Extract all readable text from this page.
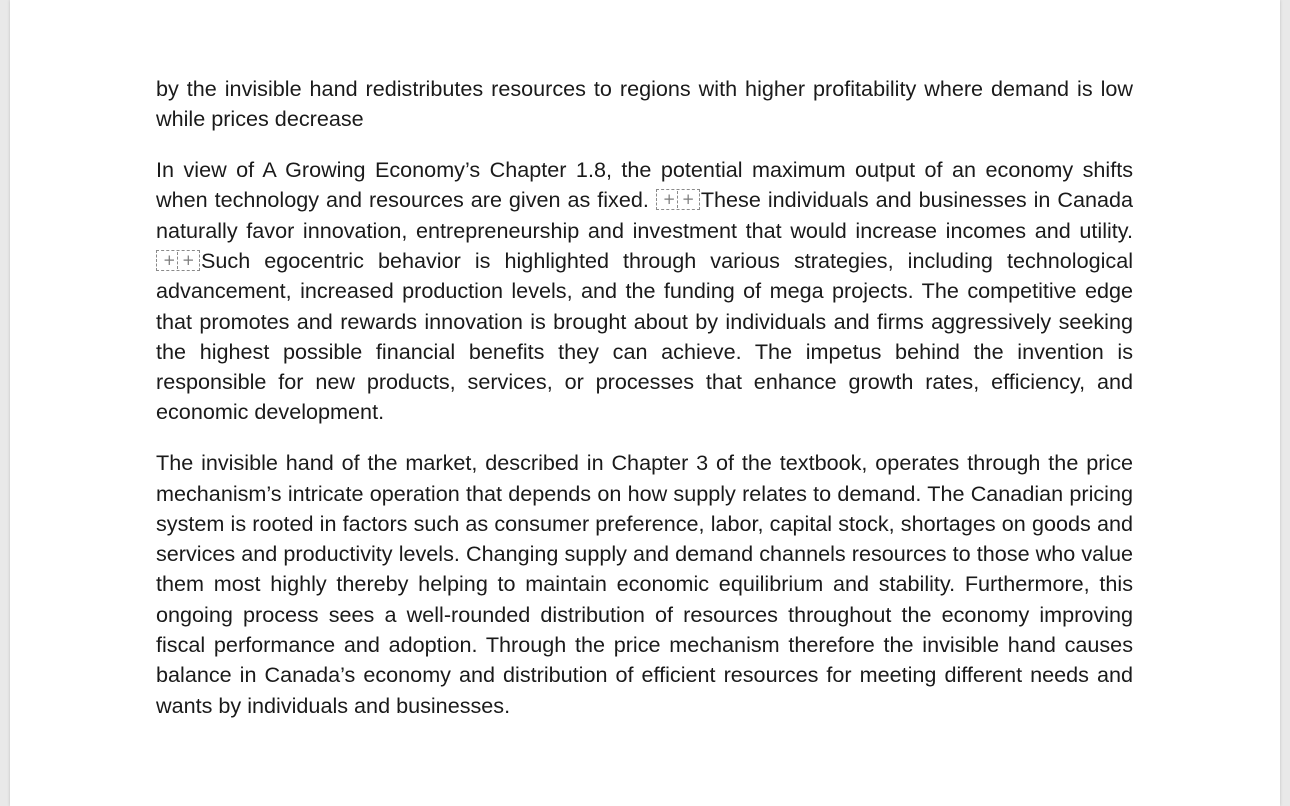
by the invisible hand redistributes resources to regions with higher profitability where demand is low while prices decrease

In view of A Growing Economy’s Chapter 1.8, the potential maximum output of an economy shifts when technology and resources are given as fixed. +
+These individuals and businesses in Canada naturally favor innovation, entrepreneurship and investment that would increase incomes and utility. +
+Such egocentric behavior is highlighted through various strategies, including technological advancement, increased production levels, and the funding of mega projects. The competitive edge that promotes and rewards innovation is brought about by individuals and firms aggressively seeking the highest possible financial benefits they can achieve. The impetus behind the invention is responsible for new products, services, or processes that enhance growth rates, efficiency, and economic development.

The invisible hand of the market, described in Chapter 3 of the textbook, operates through the price mechanism’s intricate operation that depends on how supply relates to demand. The Canadian pricing system is rooted in factors such as consumer preference, labor, capital stock, shortages on goods and services and productivity levels. Changing supply and demand channels resources to those who value them most highly thereby helping to maintain economic equilibrium and stability. Furthermore, this ongoing process sees a well-rounded distribution of resources throughout the economy improving fiscal performance and adoption. Through the price mechanism therefore the invisible hand causes balance in Canada’s economy and distribution of efficient resources for meeting different needs and wants by individuals and businesses.
